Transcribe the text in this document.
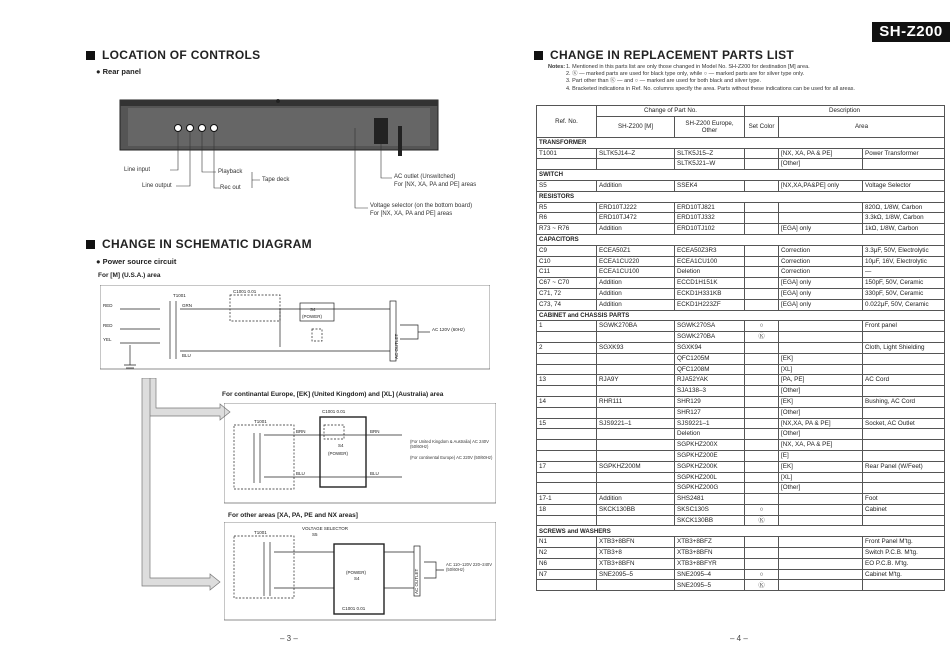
SH-Z200
LOCATION OF CONTROLS
● Rear panel
Line input
Line output
Playback
Rec out
Tape deck	AC outlet (Unswitched)
For [NX, XA, PA and PE] areas
Voltage selector (on the bottom board)
For [NX, XA, PA and PE] areas
CHANGE IN SCHEMATIC DIAGRAM
● Power source circuit
For [M] (U.S.A.) area
RED
RED
YEL
T1001
GRN
BLU
C1001 0.01
S4
(POWER)
AC OUTLET
AC 120V (60Hz)
For continantal Europe, [EK] (United Kingdom) and [XL] (Australia) area
T1001
C1001 0.01
S4
(POWER)
BRN	BRN
BLU	BLU
(For United Kingdom & Australia) AC 240V (50/60Hz)
(For continental Europe) AC 220V (50/60Hz)
For other areas [XA, PA, PE and NX areas]
VOLTAGE SELECTOR
S5
T1001
(POWER)
S4
C1001 0.01
AC OUTLET
AC 110–120V 220–240V (50/60Hz)
– 3 –
CHANGE IN REPLACEMENT PARTS LIST
Notes: 1. Mentioned in this parts list are only those changed in Model No. SH-Z200 for destination [M] area.
2. Ⓚ — marked parts are used for black type only, while ○ — marked parts are for silver type only.
3. Part other than Ⓚ — and ○ — marked are used for both black and silver type.
4. Bracketed indications in Ref. No. columns specify the area. Parts without these indications can be used for all areas.
Ref. No.	Change of Part No.		Description		
	SH-Z200 [M]	SH-Z200 Europe, Other	Set Color	Area	
TRANSFORMER					
T1001	SLTK5J14–Z	SLTK5J15–Z		[NX, XA, PA & PE]	Power Transformer
		SLTK5J21–W		[Other]	
SWITCH					
S5	Addition	SSEK4		[NX,XA,PA&PE] only	Voltage Selector
RESISTORS					
R5	ERD10TJ222	ERD10TJ821			820Ω, 1/8W, Carbon
R6	ERD10TJ472	ERD10TJ332			3.3kΩ, 1/8W, Carbon
R73 ~ R76	Addition	ERD10TJ102		[EGA] only	1kΩ, 1/8W, Carbon
CAPACITORS					
C9	ECEA50Z1	ECEA50Z3R3		Correction	3.3μF, 50V, Electrolytic
C10	ECEA1CU220	ECEA1CU100		Correction	10μF, 16V, Electrolytic
C11	ECEA1CU100	Deletion		Correction	—
C67 ~ C70	Addition	ECCD1H151K		[EGA] only	150pF, 50V, Ceramic
C71, 72	Addition	ECKD1H331KB		[EGA] only	330pF, 50V, Ceramic
C73, 74	Addition	ECKD1H223ZF		[EGA] only	0.022μF, 50V, Ceramic
CABINET and CHASSIS PARTS					
1	SGWK270BA	SGWK270SA	○		Front panel
		SGWK270BA	Ⓚ		
2	SGXK93	SGXK94			Cloth, Light Shielding
		QFC1205M		[EK]	
		QFC1208M		[XL]	
13	RJA9Y	RJA52YAK		[PA, PE]	AC Cord
		SJA138–3		[Other]	
14	RHR111	SHR129		[EK]	Bushing, AC Cord
		SHR127		[Other]	
15	SJS9221–1	SJS9221–1		[NX,XA, PA & PE]	Socket, AC Outlet
		Deletion		[Other]	
		SGPKHZ200X		[NX, XA, PA & PE]	
		SGPKHZ200E		[E]	
17	SGPKHZ200M	SGPKHZ200K		[EK]	Rear Panel (W/Feet)
		SGPKHZ200L		[XL]	
		SGPKHZ200G		[Other]	
17-1	Addition	SHS2481			Foot
18	SKCK130BB	SKSC130S	○		Cabinet
		SKCK130BB	Ⓚ		
SCREWS and WASHERS					
N1	XTB3+8BFN	XTB3+8BFZ			Front Panel M'tg.
N2	XTB3+8	XTB3+8BFN			Switch P.C.B. M'tg.
N6	XTB3+8BFN	XTB3+8BFYR			EO P.C.B. M'tg.
N7	SNE2095–5	SNE2095–4	○		Cabinet M'tg.
		SNE2095–5	Ⓚ		
– 4 –
